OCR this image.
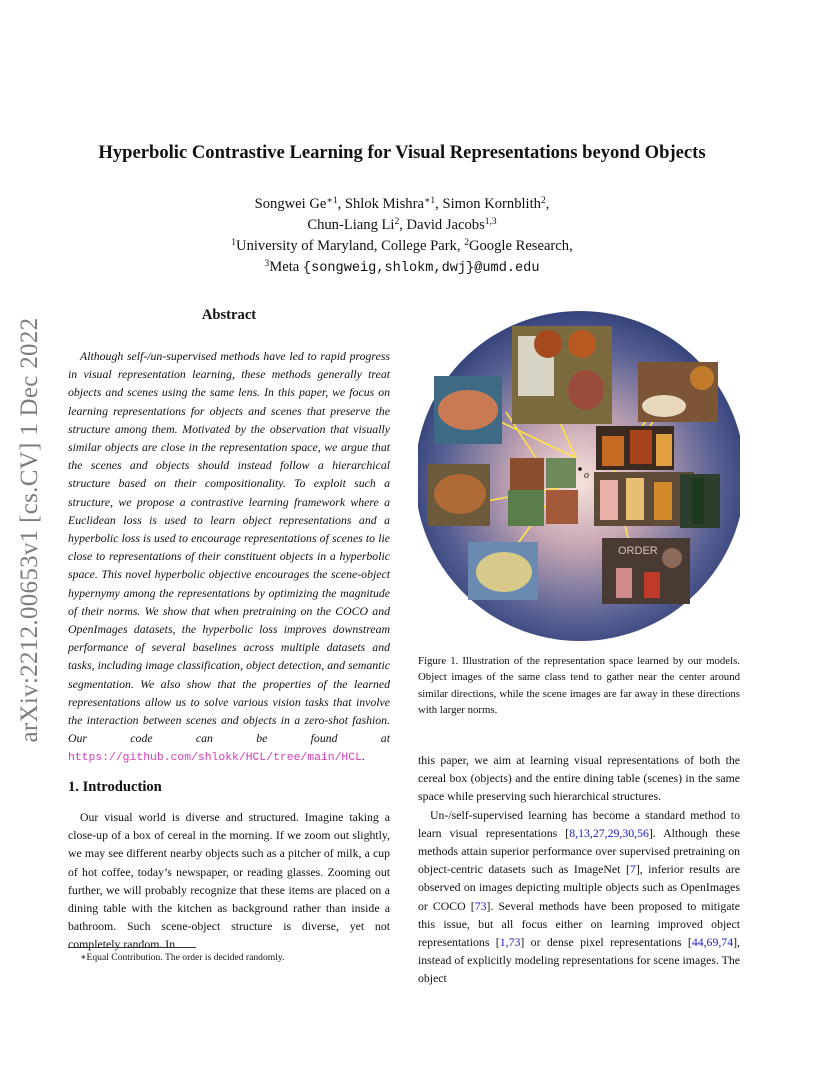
arXiv:2212.00653v1 [cs.CV] 1 Dec 2022
Hyperbolic Contrastive Learning for Visual Representations beyond Objects
Songwei $Ge^{∗1}$, Shlok Mishra$^{∗1}$, Simon Kornblith$^2$,
Chun-Liang Li$^2$, David Jacobs$^{1,3}$
$^1$University of Maryland, College Park, $^2$Google Research,
$^3$Meta {songweig,shlokm,dwj}@umd.edu
Abstract
Although self-/un-supervised methods have led to rapid progress in visual representation learning, these methods generally treat objects and scenes using the same lens. In this paper, we focus on learning representations for objects and scenes that preserve the structure among them. Motivated by the observation that visually similar objects are close in the representation space, we argue that the scenes and objects should instead follow a hierarchical structure based on their compositionality. To exploit such a structure, we propose a contrastive learning framework where a Euclidean loss is used to learn object representations and a hyperbolic loss is used to encourage representations of scenes to lie close to representations of their constituent objects in a hyperbolic space. This novel hyperbolic objective encourages the scene-object hypernymy among the representations by optimizing the magnitude of their norms. We show that when pretraining on the COCO and OpenImages datasets, the hyperbolic loss improves downstream performance of several baselines across multiple datasets and tasks, including image classification, object detection, and semantic segmentation. We also show that the properties of the learned representations allow us to solve various vision tasks that involve the interaction between scenes and objects in a zero-shot fashion. Our code can be found at https://github.com/shlokk/HCL/tree/main/HCL.
1. Introduction
Our visual world is diverse and structured. Imagine taking a close-up of a box of cereal in the morning. If we zoom out slightly, we may see different nearby objects such as a pitcher of milk, a cup of hot coffee, today’s newspaper, or reading glasses. Zooming out further, we will probably recognize that these items are placed on a dining table with the kitchen as background rather than inside a bathroom. Such scene-object structure is diverse, yet not completely random. In
∗Equal Contribution. The order is decided randomly.
o
ORDER
Figure 1. Illustration of the representation space learned by our models. Object images of the same class tend to gather near the center around similar directions, while the scene images are far away in these directions with larger norms.

this paper, we aim at learning visual representations of both the cereal box (objects) and the entire dining table (scenes) in the same space while preserving such hierarchical structures.

Un-/self-supervised learning has become a standard method to learn visual representations [8,13,27,29,30,56]. Although these methods attain superior performance over supervised pretraining on object-centric datasets such as ImageNet [7], inferior results are observed on images depicting multiple objects such as OpenImages or COCO [73]. Several methods have been proposed to mitigate this issue, but all focus either on learning improved object representations [1,73] or dense pixel representations [44,69,74], instead of explicitly modeling representations for scene images. The object
